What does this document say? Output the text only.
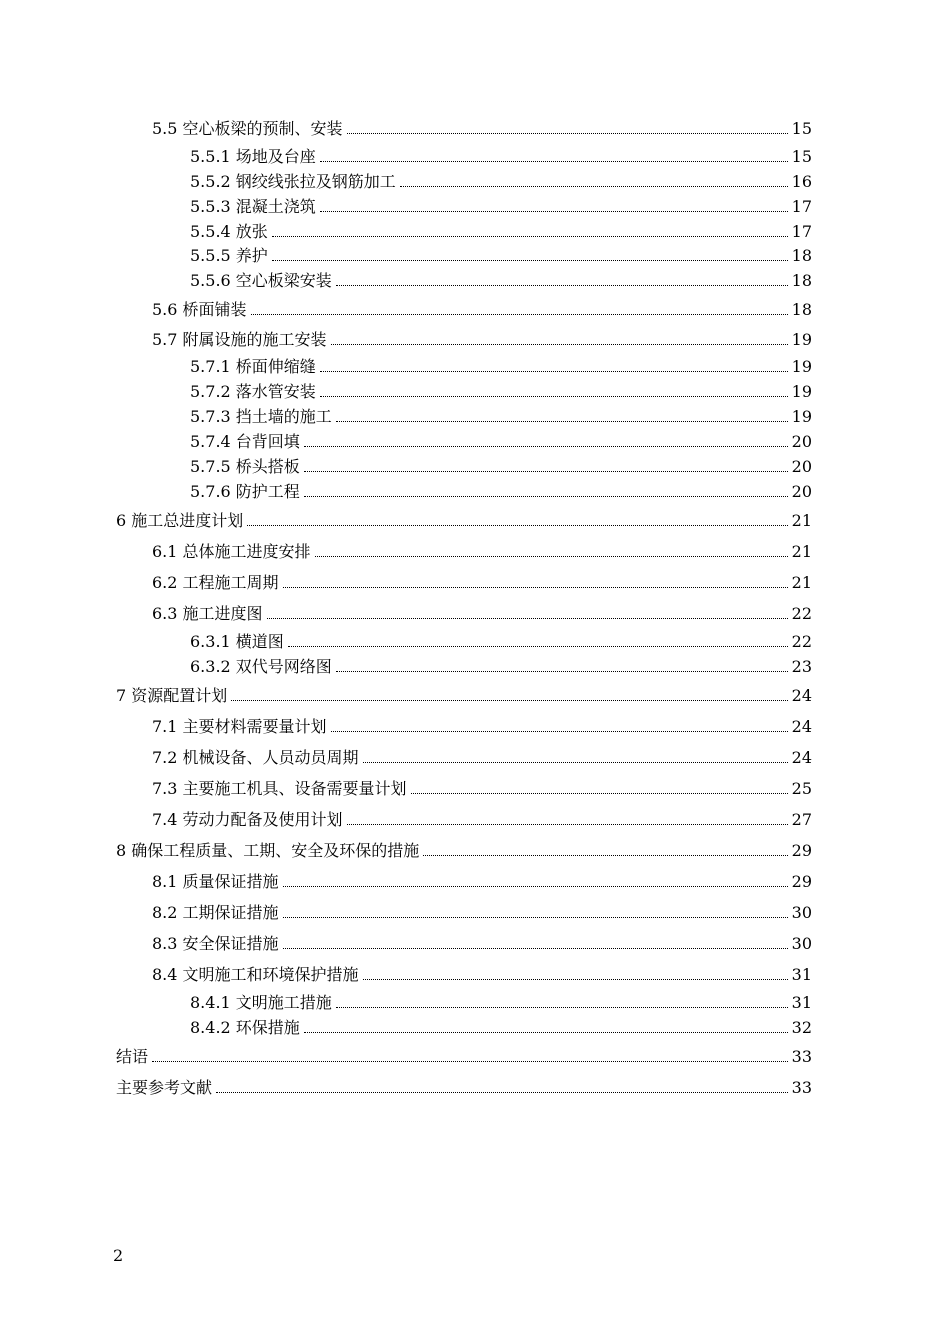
5.5 空心板梁的预制、安装	15
5.5.1 场地及台座	15
5.5.2 钢绞线张拉及钢筋加工	16
5.5.3 混凝土浇筑	17
5.5.4 放张	17
5.5.5 养护	18
5.5.6 空心板梁安装	18
5.6 桥面铺装	18
5.7 附属设施的施工安装	19
5.7.1 桥面伸缩缝	19
5.7.2 落水管安装	19
5.7.3 挡土墙的施工	19
5.7.4 台背回填	20
5.7.5 桥头搭板	20
5.7.6 防护工程	20
6 施工总进度计划	21
6.1 总体施工进度安排	21
6.2 工程施工周期	21
6.3 施工进度图	22
6.3.1 横道图	22
6.3.2 双代号网络图	23
7 资源配置计划	24
7.1 主要材料需要量计划	24
7.2 机械设备、人员动员周期	24
7.3 主要施工机具、设备需要量计划	25
7.4 劳动力配备及使用计划	27
8 确保工程质量、工期、安全及环保的措施	29
8.1 质量保证措施	29
8.2 工期保证措施	30
8.3 安全保证措施	30
8.4 文明施工和环境保护措施	31
8.4.1 文明施工措施	31
8.4.2 环保措施	32
结语	33
主要参考文献	33
2
